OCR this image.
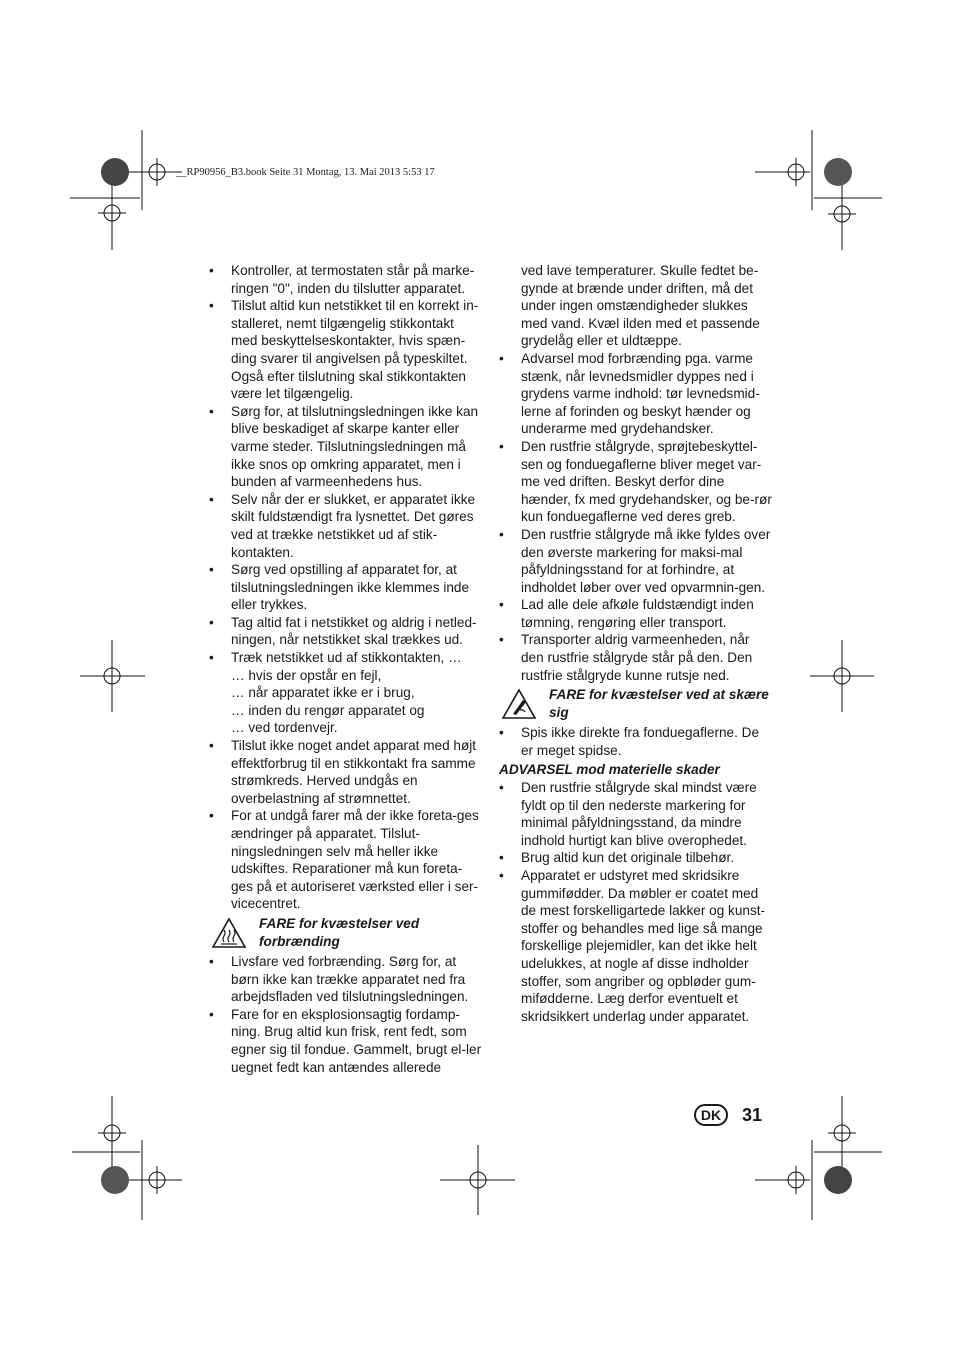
__RP90956_B3.book Seite 31 Montag, 13. Mai 2013 5:53 17
• Kontroller, at termostaten står på marke-ringen "0", inden du tilslutter apparatet.
• Tilslut altid kun netstikket til en korrekt in-stalleret, nemt tilgængelig stikkontakt med beskyttelseskontakter, hvis spæn-ding svarer til angivelsen på typeskiltet. Også efter tilslutning skal stikkontakten være let tilgængelig.
• Sørg for, at tilslutningsledningen ikke kan blive beskadiget af skarpe kanter eller varme steder. Tilslutningsledningen må ikke snos op omkring apparatet, men i bunden af varmeenhedens hus.
• Selv når der er slukket, er apparatet ikke skilt fuldstændigt fra lysnettet. Det gøres ved at trække netstikket ud af stik-kontakten.
• Sørg ved opstilling af apparatet for, at tilslutningsledningen ikke klemmes inde eller trykkes.
• Tag altid fat i netstikket og aldrig i netled-ningen, når netstikket skal trækkes ud.
• Træk netstikket ud af stikkontakten, …
… hvis der opstår en fejl,
… når apparatet ikke er i brug,
… inden du rengør apparatet og
… ved tordenvejr.
• Tilslut ikke noget andet apparat med højt effektforbrug til en stikkontakt fra samme strømkreds. Herved undgås en overbelastning af strømnettet.
• For at undgå farer må der ikke foreta-ges ændringer på apparatet. Tilslut-ningsledningen selv må heller ikke udskiftes. Reparationer må kun foreta-ges på et autoriseret værksted eller i ser-vicecentret.
FARE for kvæstelser ved forbrænding
• Livsfare ved forbrænding. Sørg for, at børn ikke kan trække apparatet ned fra arbejdsfladen ved tilslutningsledningen.
• Fare for en eksplosionsagtig fordamp-ning. Brug altid kun frisk, rent fedt, som egner sig til fondue. Gammelt, brugt el-ler uegnet fedt kan antændes allerede
ved lave temperaturer. Skulle fedtet be-gynde at brænde under driften, må det under ingen omstændigheder slukkes med vand. Kvæl ilden med et passende grydelåg eller et uldtæppe.
• Advarsel mod forbrænding pga. varme stænk, når levnedsmidler dyppes ned i grydens varme indhold: tør levnedsmid-lerne af forinden og beskyt hænder og underarme med grydehandsker.
• Den rustfrie stålgryde, sprøjtebeskyttel-sen og fonduegaflerne bliver meget var-me ved driften. Beskyt derfor dine hænder, fx med grydehandsker, og be-rør kun fonduegaflerne ved deres greb.
• Den rustfrie stålgryde må ikke fyldes over den øverste markering for maksi-mal påfyldningsstand for at forhindre, at indholdet løber over ved opvarmnin-gen.
• Lad alle dele afkøle fuldstændigt inden tømning, rengøring eller transport.
• Transporter aldrig varmeenheden, når den rustfrie stålgryde står på den. Den rustfrie stålgryde kunne rutsje ned.
FARE for kvæstelser ved at skære sig
• Spis ikke direkte fra fonduegaflerne. De er meget spidse.
ADVARSEL mod materielle skader
• Den rustfrie stålgryde skal mindst være fyldt op til den nederste markering for minimal påfyldningsstand, da mindre indhold hurtigt kan blive overophedet.
• Brug altid kun det originale tilbehør.
• Apparatet er udstyret med skridsikre gummifødder. Da møbler er coatet med de mest forskelligartede lakker og kunst-stoffer og behandles med lige så mange forskellige plejemidler, kan det ikke helt udelukkes, at nogle af disse indholder stoffer, som angriber og opbløder gum-mifødderne. Læg derfor eventuelt et skridsikkert underlag under apparatet.
DK	31
